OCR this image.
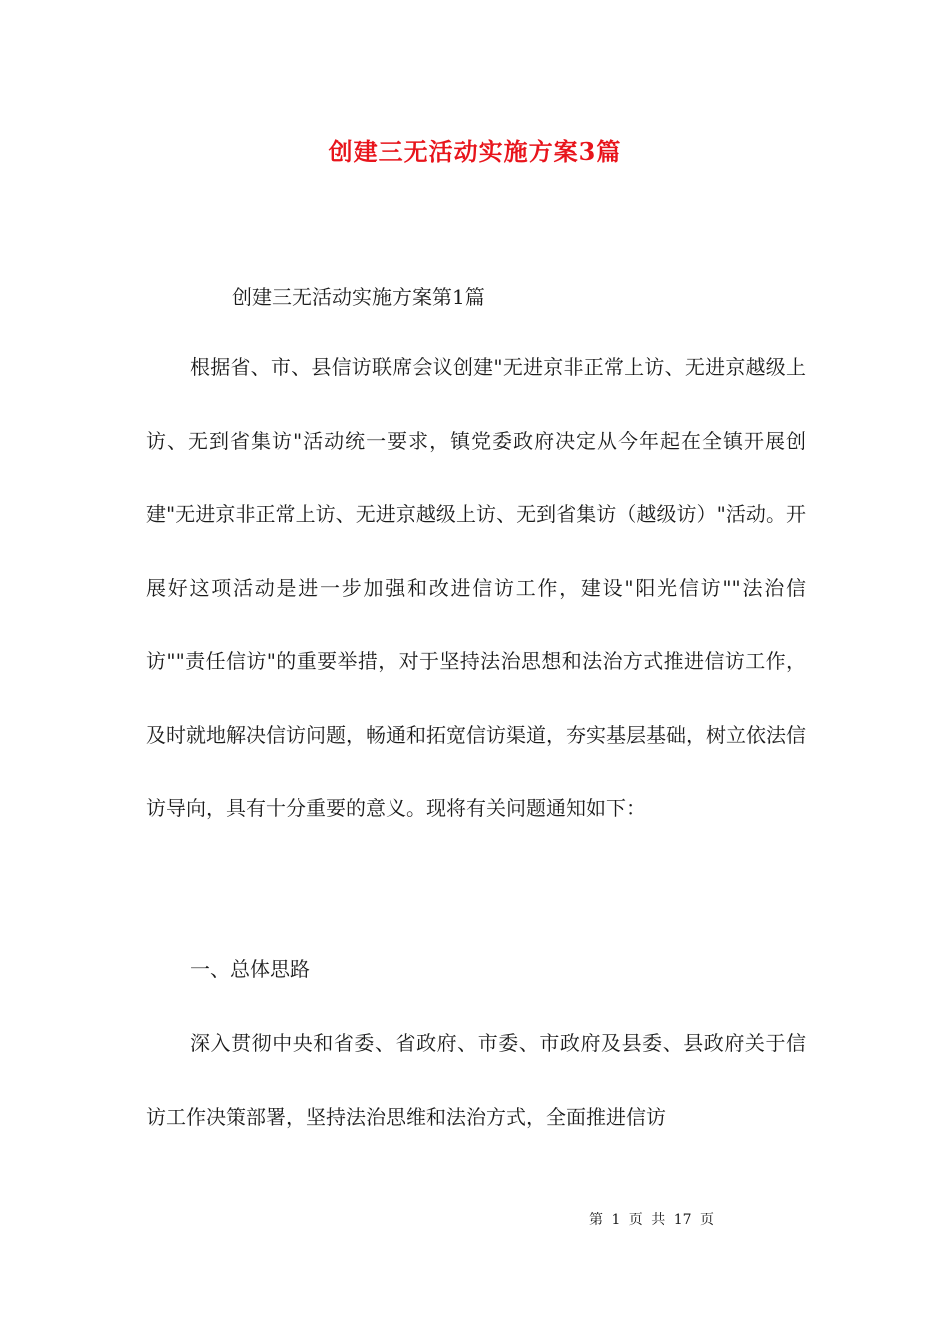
创建三无活动实施方案3篇
创建三无活动实施方案第1篇

根据省、市、县信访联席会议创建"无进京非正常上访、无进京越级上访、无到省集访"活动统一要求，镇党委政府决定从今年起在全镇开展创建"无进京非正常上访、无进京越级上访、无到省集访（越级访）"活动。开展好这项活动是进一步加强和改进信访工作，建设"阳光信访""法治信访""责任信访"的重要举措，对于坚持法治思想和法治方式推进信访工作，及时就地解决信访问题，畅通和拓宽信访渠道，夯实基层基础，树立依法信访导向，具有十分重要的意义。现将有关问题通知如下：

一、总体思路

深入贯彻中央和省委、省政府、市委、市政府及县委、县政府关于信访工作决策部署，坚持法治思维和法治方式，全面推进信访

第 1 页 共 17 页
